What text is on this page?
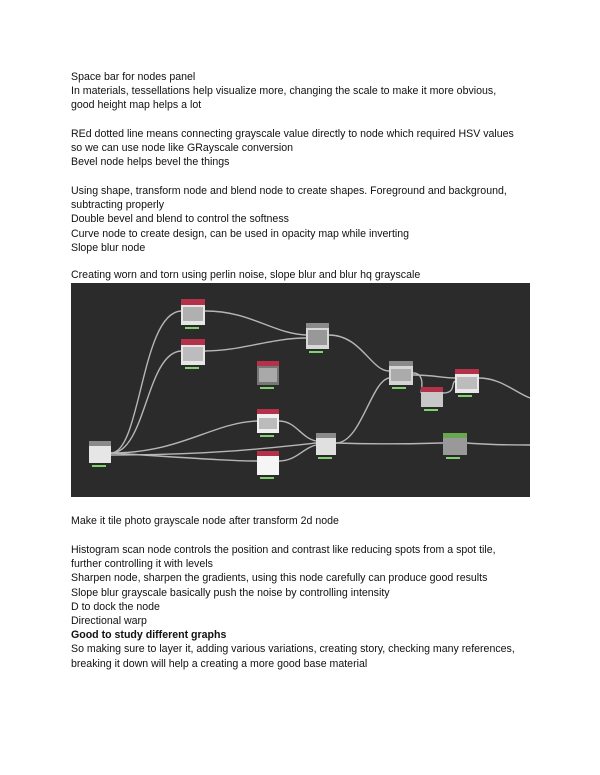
Space bar for nodes panel
In materials, tessellations help visualize more, changing the scale to make it more obvious,
good height map helps a lot
REd dotted line means connecting grayscale value directly to node which required HSV values
so we can use node like GRayscale conversion
Bevel node helps bevel the things
Using shape, transform node and blend node to create shapes. Foreground and background,
subtracting properly
Double bevel and blend to control the softness
Curve node to create design, can be used in opacity map while inverting
Slope blur node
Creating worn and torn using perlin noise, slope blur and blur hq grayscale
Make it tile photo grayscale node after transform 2d node
Histogram scan node controls the position and contrast like reducing spots from a spot tile,
further controlling it with levels
Sharpen node, sharpen the gradients, using this node carefully can produce good results
Slope blur grayscale basically push the noise by controlling intensity
D to dock the node
Directional warp
Good to study different graphs
So making sure to layer it, adding various variations, creating story, checking many references,
breaking it down will help a creating a more good base material
